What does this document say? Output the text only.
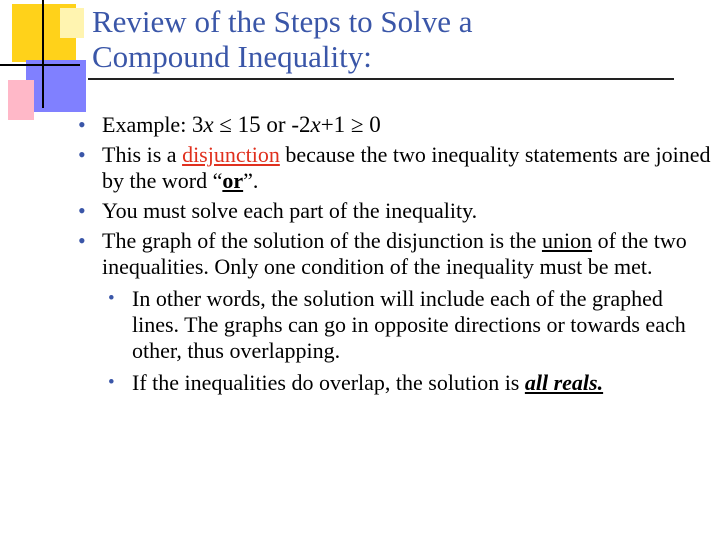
Review of the Steps to Solve a
Compound Inequality:
• Example: 3x ≤ 15 or -2x+1 ≥ 0
• This is a disjunction because the two inequality statements are joined by the word “or”.
• You must solve each part of the inequality.
• The graph of the solution of the disjunction is the union of the two inequalities. Only one condition of the inequality must be met.
• In other words, the solution will include each of the graphed lines. The graphs can go in opposite directions or towards each other, thus overlapping.
• If the inequalities do overlap, the solution is all reals.
